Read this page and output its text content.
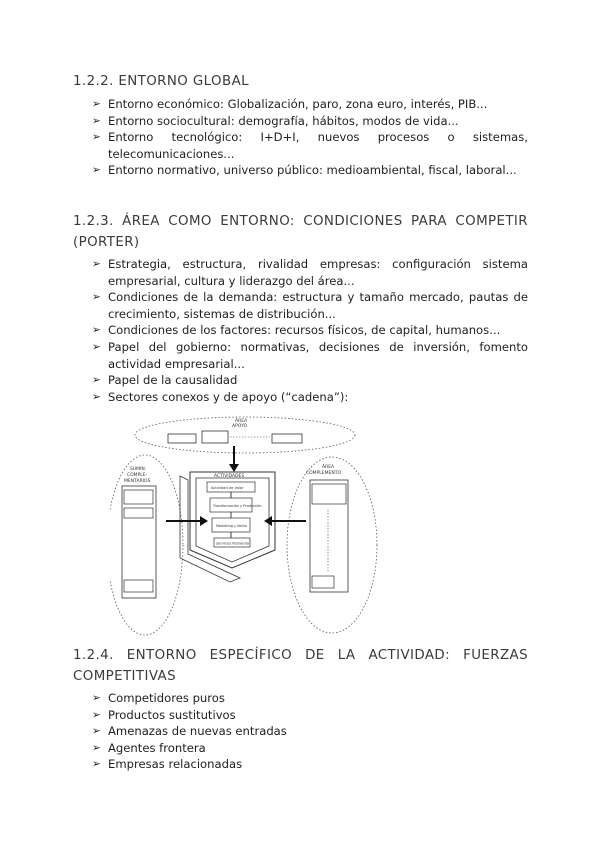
1.2.2. ENTORNO GLOBAL
➢ Entorno económico: Globalización, paro, zona euro, interés, PIB...
➢ Entorno sociocultural: demografía, hábitos, modos de vida...
➢ Entorno tecnológico: I+D+I, nuevos procesos o sistemas, telecomunicaciones...
➢ Entorno normativo, universo público: medioambiental, fiscal, laboral...
1.2.3. ÁREA COMO ENTORNO: CONDICIONES PARA COMPETIR (PORTER)
➢ Estrategia, estructura, rivalidad empresas: configuración sistema empresarial, cultura y liderazgo del área...
➢ Condiciones de la demanda: estructura y tamaño mercado, pautas de crecimiento, sistemas de distribución...
➢ Condiciones de los factores: recursos físicos, de capital, humanos...
➢ Papel del gobierno: normativas, decisiones de inversión, fomento actividad empresarial...
➢ Papel de la causalidad
➢ Sectores conexos y de apoyo (“cadena”):
ÁREA
APOYO
SUMIN.
COMPLE-
MENTARIOS
ÁREA
COMPLEMENTO
ACTIVIDADES
Actividad de Valor
Transformación y Producción
Marketing y Venta
Servicios Postventa
1.2.4. ENTORNO ESPECÍFICO DE LA ACTIVIDAD: FUERZAS COMPETITIVAS
➢ Competidores puros
➢ Productos sustitutivos
➢ Amenazas de nuevas entradas
➢ Agentes frontera
➢ Empresas relacionadas
